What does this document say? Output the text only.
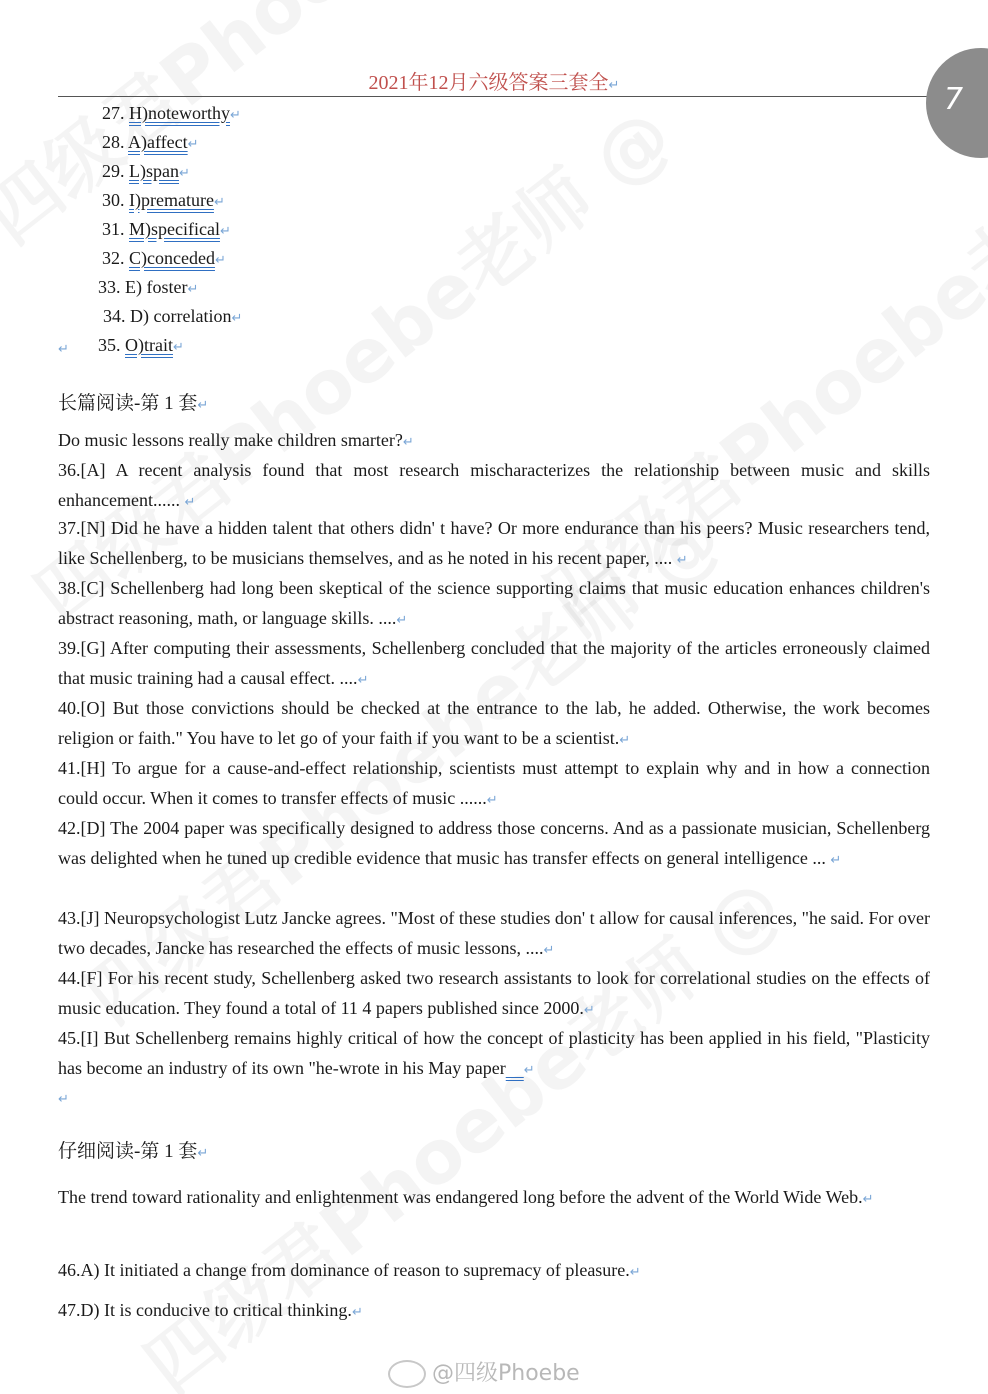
2021年12月六级答案三套全↵	7
27. H)noteworthy↵
28. A)affect↵
29. L)span↵
30. I)premature↵
31. M)specifical↵
32. C)conceded↵
33. E) foster↵
34. D) correlation↵
35. O)trait↵
↵
长篇阅读-第 1 套↵
Do music lessons really make children smarter?↵
36.[A] A recent analysis found that most research mischaracterizes the relationship between music and skills enhancement...... ↵
37.[N] Did he have a hidden talent that others didn' t have? Or more endurance than his peers? Music researchers tend, like Schellenberg, to be musicians themselves, and as he noted in his recent paper, .... ↵
38.[C] Schellenberg had long been skeptical of the science supporting claims that music education enhances children's abstract reasoning, math, or language skills. ....↵
39.[G] After computing their assessments, Schellenberg concluded that the majority of the articles erroneously claimed that music training had a causal effect. ....↵
40.[O] But those convictions should be checked at the entrance to the lab, he added. Otherwise, the work becomes religion or faith." You have to let go of your faith if you want to be a scientist.↵
41.[H] To argue for a cause-and-effect relationship, scientists must attempt to explain why and in how a connection could occur. When it comes to transfer effects of music ......↵
42.[D] The 2004 paper was specifically designed to address those concerns. And as a passionate musician, Schellenberg was delighted when he tuned up credible evidence that music has transfer effects on general intelligence ... ↵
43.[J] Neuropsychologist Lutz Jancke agrees. "Most of these studies don' t allow for causal inferences, "he said. For over two decades, Jancke has researched the effects of music lessons, ....↵
44.[F] For his recent study, Schellenberg asked two research assistants to look for correlational studies on the effects of music education. They found a total of 11 4 papers published since 2000.↵
45.[I] But Schellenberg remains highly critical of how the concept of plasticity has been applied in his field, "Plasticity has become an industry of its own "he-wrote in his May paper ↵
↵
仔细阅读-第 1 套↵
The trend toward rationality and enlightenment was endangered long before the advent of the World Wide Web.↵
46.A) It initiated a change from dominance of reason to supremacy of pleasure.↵
47.D) It is conducive to critical thinking.↵
@四级Phoebe
